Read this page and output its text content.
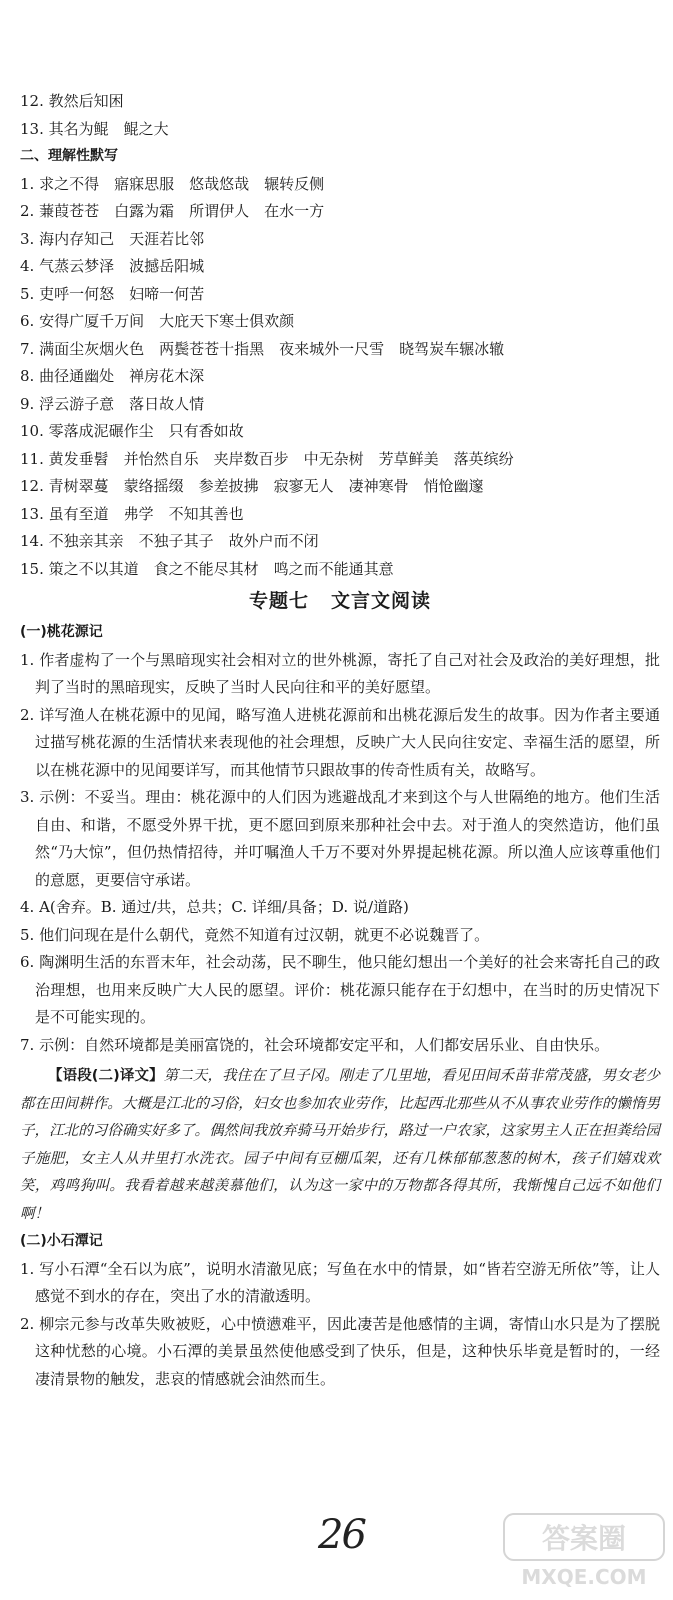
12. 教然后知困
13. 其名为鲲　鲲之大
二、理解性默写
1. 求之不得　寤寐思服　悠哉悠哉　辗转反侧
2. 蒹葭苍苍　白露为霜　所谓伊人　在水一方
3. 海内存知己　天涯若比邻
4. 气蒸云梦泽　波撼岳阳城
5. 吏呼一何怒　妇啼一何苦
6. 安得广厦千万间　大庇天下寒士俱欢颜
7. 满面尘灰烟火色　两鬓苍苍十指黑　夜来城外一尺雪　晓驾炭车辗冰辙
8. 曲径通幽处　禅房花木深
9. 浮云游子意　落日故人情
10. 零落成泥碾作尘　只有香如故
11. 黄发垂髫　并怡然自乐　夹岸数百步　中无杂树　芳草鲜美　落英缤纷
12. 青树翠蔓　蒙络摇缀　参差披拂　寂寥无人　凄神寒骨　悄怆幽邃
13. 虽有至道　弗学　不知其善也
14. 不独亲其亲　不独子其子　故外户而不闭
15. 策之不以其道　食之不能尽其材　鸣之而不能通其意
专题七 文言文阅读
(一)桃花源记
1. 作者虚构了一个与黑暗现实社会相对立的世外桃源，寄托了自己对社会及政治的美好理想，批判了当时的黑暗现实，反映了当时人民向往和平的美好愿望。
2. 详写渔人在桃花源中的见闻，略写渔人进桃花源前和出桃花源后发生的故事。因为作者主要通过描写桃花源的生活情状来表现他的社会理想，反映广大人民向往安定、幸福生活的愿望，所以在桃花源中的见闻要详写，而其他情节只跟故事的传奇性质有关，故略写。
3. 示例：不妥当。理由：桃花源中的人们因为逃避战乱才来到这个与人世隔绝的地方。他们生活自由、和谐，不愿受外界干扰，更不愿回到原来那种社会中去。对于渔人的突然造访，他们虽然“乃大惊”，但仍热情招待，并叮嘱渔人千万不要对外界提起桃花源。所以渔人应该尊重他们的意愿，更要信守承诺。
4. A(舍弃。B. 通过/共，总共；C. 详细/具备；D. 说/道路)
5. 他们问现在是什么朝代，竟然不知道有过汉朝，就更不必说魏晋了。
6. 陶渊明生活的东晋末年，社会动荡，民不聊生，他只能幻想出一个美好的社会来寄托自己的政治理想，也用来反映广大人民的愿望。评价：桃花源只能存在于幻想中，在当时的历史情况下是不可能实现的。
7. 示例：自然环境都是美丽富饶的，社会环境都安定平和，人们都安居乐业、自由快乐。
【语段(二)译文】第二天，我住在了旦子冈。刚走了几里地，看见田间禾苗非常茂盛，男女老少都在田间耕作。大概是江北的习俗，妇女也参加农业劳作，比起西北那些从不从事农业劳作的懒惰男子，江北的习俗确实好多了。偶然间我放弃骑马开始步行，路过一户农家，这家男主人正在担粪给园子施肥，女主人从井里打水洗衣。园子中间有豆棚瓜架，还有几株郁郁葱葱的树木，孩子们嬉戏欢笑，鸡鸣狗叫。我看着越来越羡慕他们，认为这一家中的万物都各得其所，我惭愧自己远不如他们啊！
(二)小石潭记
1. 写小石潭“全石以为底”，说明水清澈见底；写鱼在水中的情景，如“皆若空游无所依”等，让人感觉不到水的存在，突出了水的清澈透明。
2. 柳宗元参与改革失败被贬，心中愤懑难平，因此凄苦是他感情的主调，寄情山水只是为了摆脱这种忧愁的心境。小石潭的美景虽然使他感受到了快乐，但是，这种快乐毕竟是暂时的，一经凄清景物的触发，悲哀的情感就会油然而生。
26	答案圈
MXQE.COM
